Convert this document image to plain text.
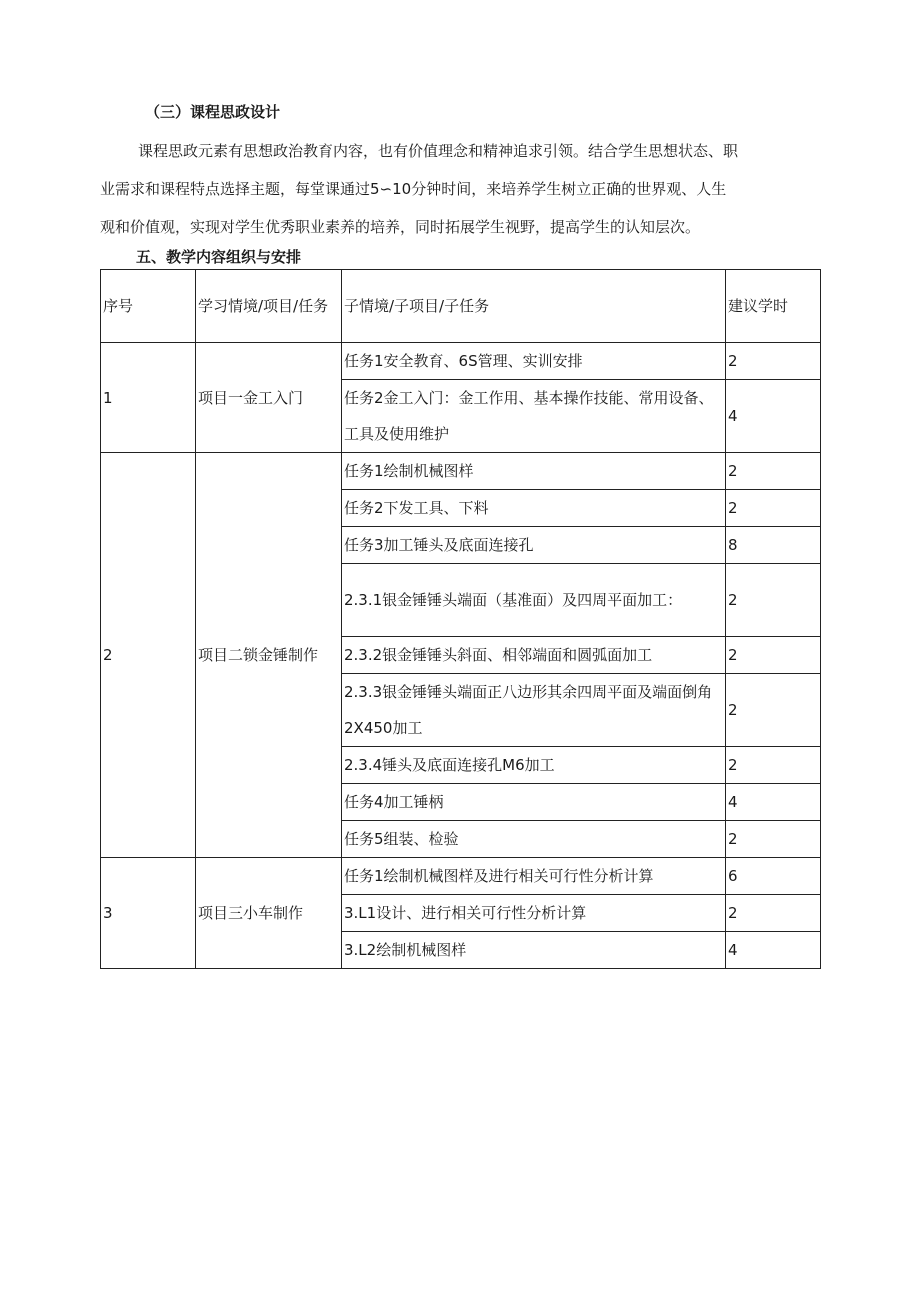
（三）课程思政设计
课程思政元素有思想政治教育内容，也有价值理念和精神追求引领。结合学生思想状态、职
业需求和课程特点选择主题，每堂课通过5∽10分钟时间，来培养学生树立正确的世界观、人生
观和价值观，实现对学生优秀职业素养的培养，同时拓展学生视野，提高学生的认知层次。
五、教学内容组织与安排
序号	学习情境/项目/任务	子情境/子项目/子任务	建议学时
1	项目一金工入门	任务1安全教育、6S管理、实训安排	2
		任务2金工入门：金工作用、基本操作技能、常用设备、工具及使用维护	4
2	项目二锁金锤制作	任务1绘制机械图样	2
		任务2下发工具、下料	2
		任务3加工锤头及底面连接孔	8
		2.3.1银金锤锤头端面（基准面）及四周平面加工：	2
		2.3.2银金锤锤头斜面、相邻端面和圆弧面加工	2
		2.3.3银金锤锤头端面正八边形其余四周平面及端面倒角2X450加工	2
		2.3.4锤头及底面连接孔M6加工	2
		任务4加工锤柄	4
		任务5组装、检验	2
3	项目三小车制作	任务1绘制机械图样及进行相关可行性分析计算	6
		3.L1设计、进行相关可行性分析计算	2
		3.L2绘制机械图样	4
